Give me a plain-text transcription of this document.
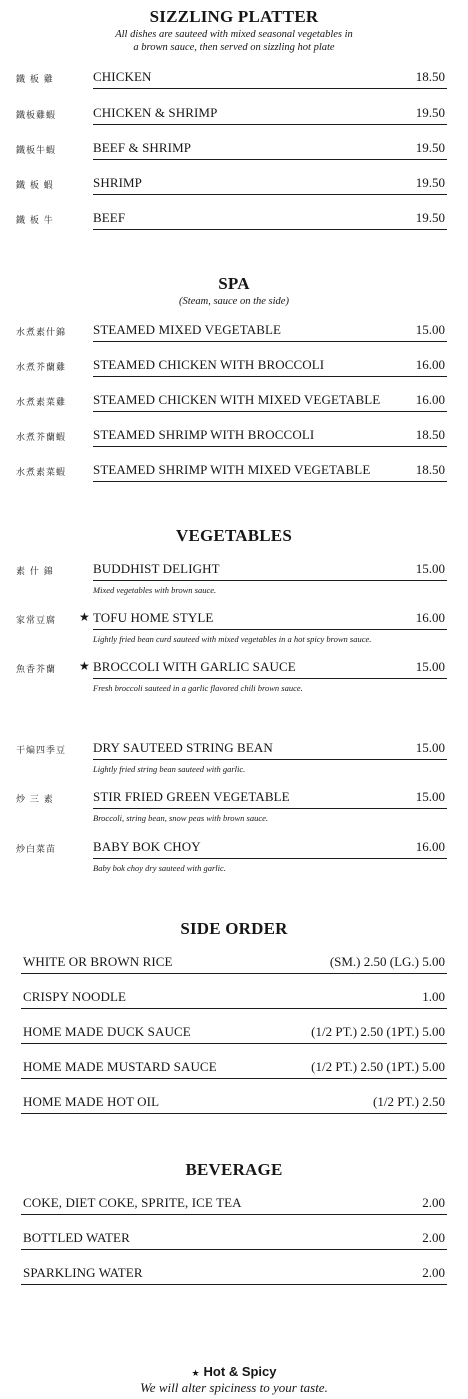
SIZZLING PLATTER
All dishes are sauteed with mixed seasonal vegetables in
a brown sauce, then served on sizzling hot plate
鐵 板 雞	CHICKEN	18.50
鐵板雞蝦	CHICKEN & SHRIMP	19.50
鐵板牛蝦	BEEF & SHRIMP	19.50
鐵 板 蝦	SHRIMP	19.50
鐵 板 牛	BEEF	19.50
SPA
(Steam, sauce on the side)
水煮素什錦	STEAMED MIXED VEGETABLE	15.00
水煮芥蘭雞	STEAMED CHICKEN WITH BROCCOLI	16.00
水煮素菜雞	STEAMED CHICKEN WITH MIXED VEGETABLE	16.00
水煮芥蘭蝦	STEAMED SHRIMP WITH BROCCOLI	18.50
水煮素菜蝦	STEAMED SHRIMP WITH MIXED VEGETABLE	18.50
VEGETABLES
素 什 錦	BUDDHIST DELIGHT	15.00
Mixed vegetables with brown sauce.
家常豆腐	★ TOFU HOME STYLE	16.00
Lightly fried bean curd sauteed with mixed vegetables in a hot spicy brown sauce.
魚香芥蘭	★ BROCCOLI WITH GARLIC SAUCE	15.00
Fresh broccoli sauteed in a garlic flavored chili brown sauce.
干煸四季豆	DRY SAUTEED STRING BEAN	15.00
Lightly fried string bean sauteed with garlic.
炒 三 素	STIR FRIED GREEN VEGETABLE	15.00
Broccoli, string bean, snow peas with brown sauce.
炒白菜苗	BABY BOK CHOY	16.00
Baby bok choy dry sauteed with garlic.
SIDE ORDER
WHITE OR BROWN RICE	(SM.) 2.50 (LG.) 5.00
CRISPY NOODLE	1.00
HOME MADE DUCK SAUCE	(1/2 PT.) 2.50 (1PT.) 5.00
HOME MADE MUSTARD SAUCE	(1/2 PT.) 2.50 (1PT.) 5.00
HOME MADE HOT OIL	(1/2 PT.) 2.50
BEVERAGE
COKE, DIET COKE, SPRITE, ICE TEA	2.00
BOTTLED WATER	2.00
SPARKLING WATER	2.00
★ Hot & Spicy
We will alter spiciness to your taste.
